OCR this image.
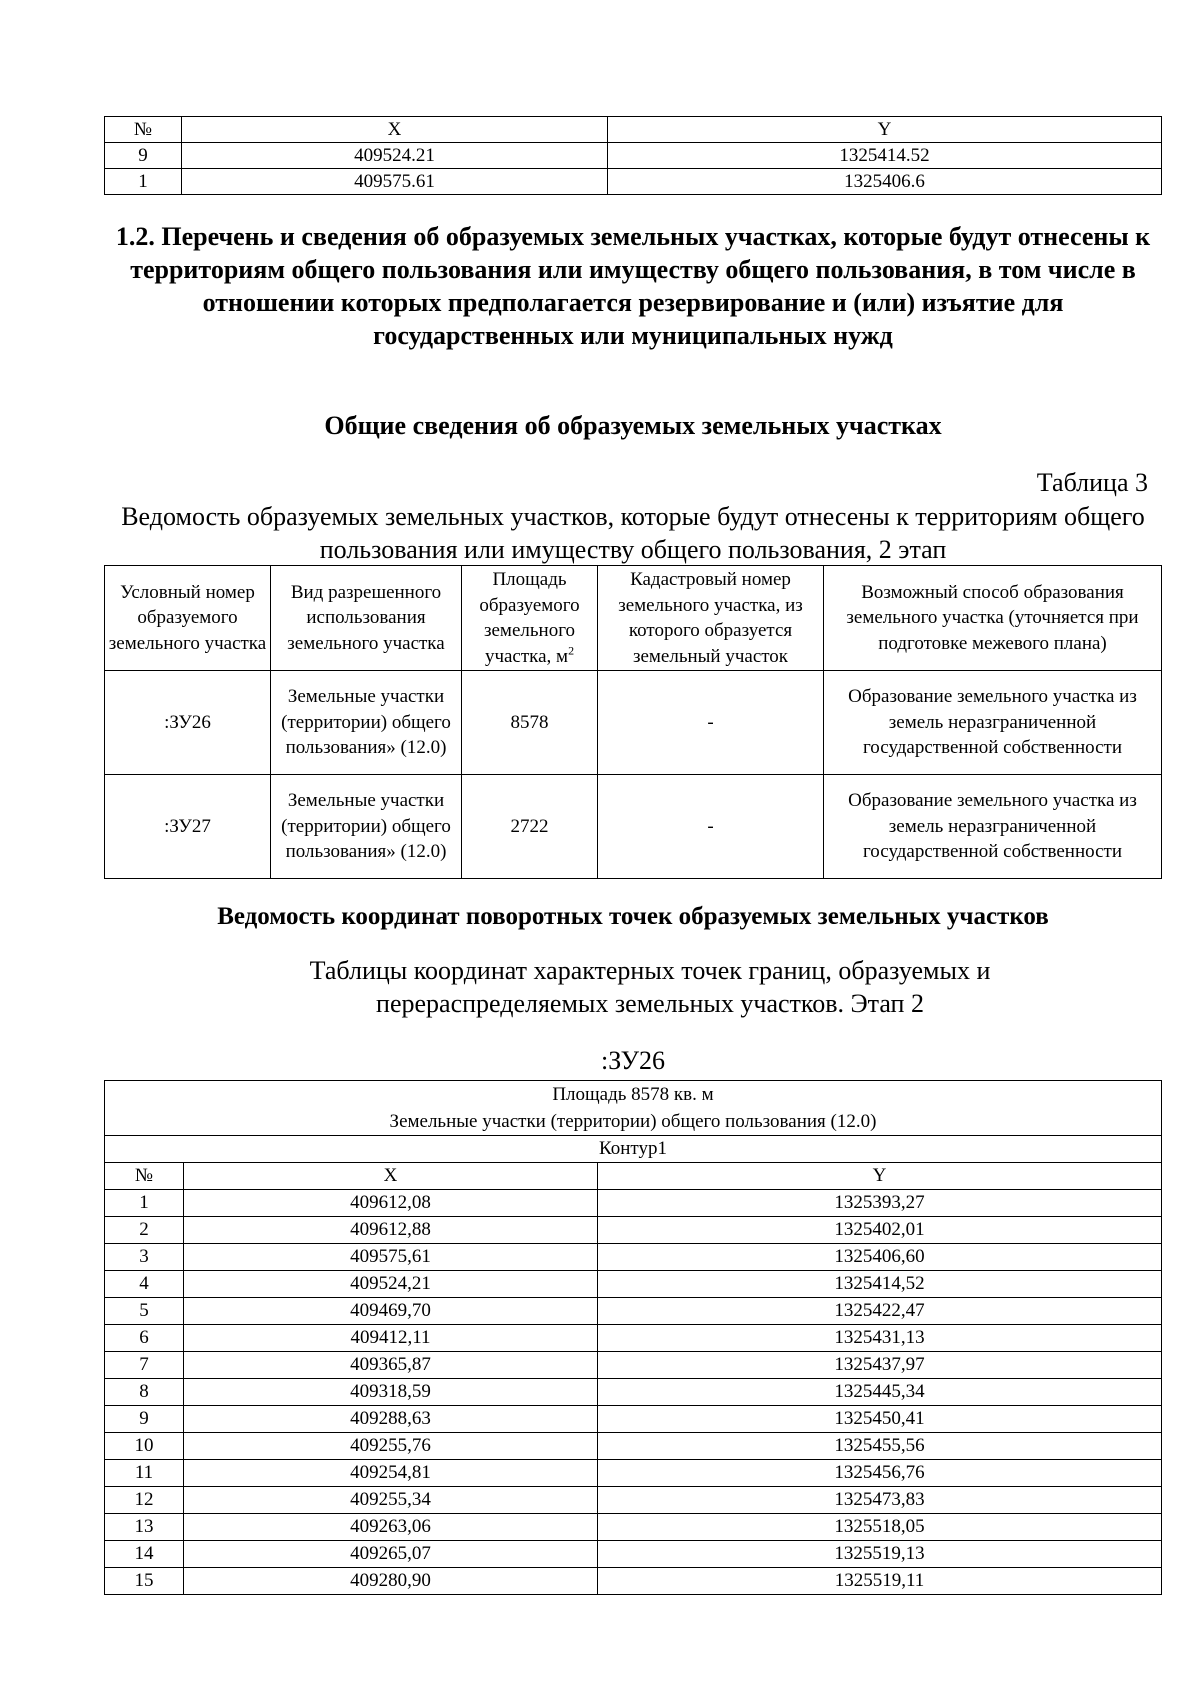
№	X	Y
9	409524.21	1325414.52
1	409575.61	1325406.6
1.2. Перечень и сведения об образуемых земельных участках, которые будут отнесены к территориям общего пользования или имуществу общего пользования, в том числе в отношении которых предполагается резервирование и (или) изъятие для государственных или муниципальных нужд
Общие сведения об образуемых земельных участках
Таблица 3
Ведомость образуемых земельных участков, которые будут отнесены к территориям общего пользования или имуществу общего пользования, 2 этап
Условный номер образуемого земельного участка	Вид разрешенного использования земельного участка	Площадь образуемого земельного участка, $м^2$	Кадастровый номер земельного участка, из которого образуется земельный участок	Возможный способ образования земельного участка (уточняется при подготовке межевого плана)
:ЗУ26	Земельные участки (территории) общего пользования» (12.0)	8578	-	Образование земельного участка из земель неразграниченной государственной собственности
:ЗУ27	Земельные участки (территории) общего пользования» (12.0)	2722	-	Образование земельного участка из земель неразграниченной государственной собственности
Ведомость координат поворотных точек образуемых земельных участков
Таблицы координат характерных точек границ, образуемых и перераспределяемых земельных участков. Этап 2
:ЗУ26
Площадь 8578 кв. м
Земельные участки (территории) общего пользования (12.0)		

Контур1		
№	X	Y
1	409612,08	1325393,27
2	409612,88	1325402,01
3	409575,61	1325406,60
4	409524,21	1325414,52
5	409469,70	1325422,47
6	409412,11	1325431,13
7	409365,87	1325437,97
8	409318,59	1325445,34
9	409288,63	1325450,41
10	409255,76	1325455,56
11	409254,81	1325456,76
12	409255,34	1325473,83
13	409263,06	1325518,05
14	409265,07	1325519,13
15	409280,90	1325519,11
